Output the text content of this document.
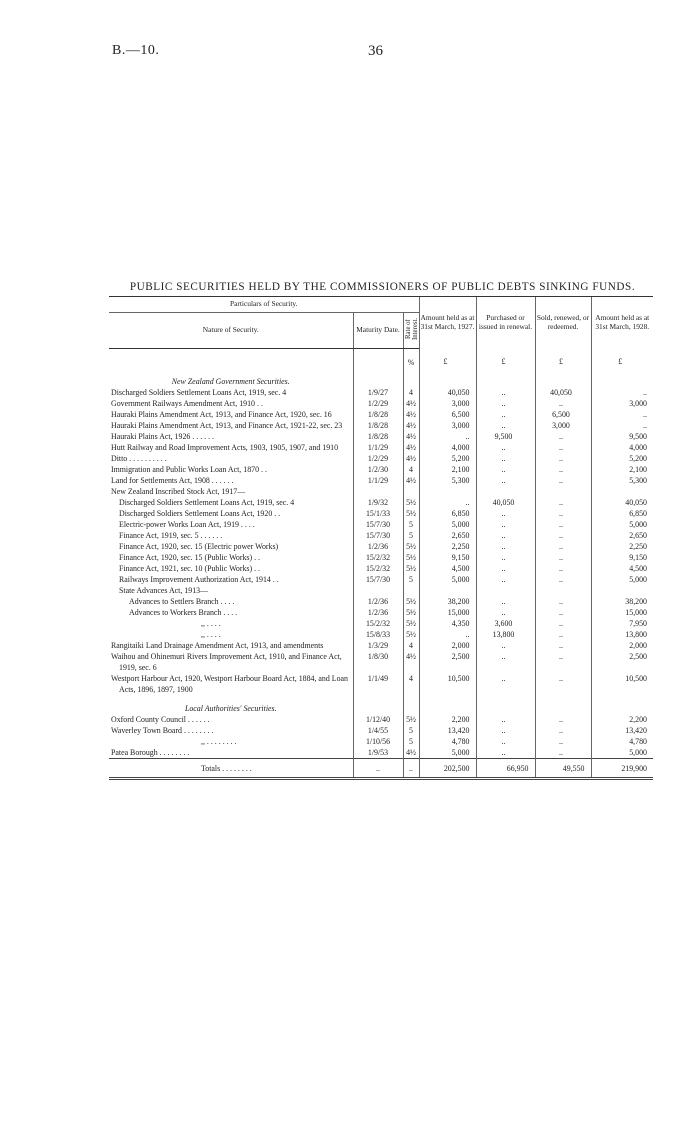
B.—10.	36
PUBLIC SECURITIES HELD BY THE COMMISSIONERS OF PUBLIC DEBTS SINKING FUNDS.
Particulars of Security.			Amount held as at 31st March, 1927.	Purchased or issued in renewal.	Sold, renewed, or redeemed.	Amount held as at 31st March, 1928.
Nature of Security.	Maturity Date.	Rate of Interest.				
		%	£	£	£	£
New Zealand Government Securities.						

Discharged Soldiers Settlement Loans Act, 1919, sec. 4	1/9/27	4	40,050	..	40,050	..

Government Railways Amendment Act, 1910 . .	1/2/29	4½	3,000	..	..	3,000

Hauraki Plains Amendment Act, 1913, and Finance Act, 1920, sec. 16	1/8/28	4½	6,500	..	6,500	..

Hauraki Plains Amendment Act, 1913, and Finance Act, 1921-22, sec. 23	1/8/28	4½	3,000	..	3,000	..

Hauraki Plains Act, 1926 . . . . . .	1/8/28	4½	..	9,500	..	9,500

Hutt Railway and Road Improvement Acts, 1903, 1905, 1907, and 1910	1/1/29	4½	4,000	..	..	4,000

Ditto . . . . . . . . . .	1/2/29	4½	5,200	..	..	5,200

Immigration and Public Works Loan Act, 1870 . .	1/2/30	4	2,100	..	..	2,100

Land for Settlements Act, 1908 . . . . . .	1/1/29	4½	5,300	..	..	5,300

New Zealand Inscribed Stock Act, 1917—						

Discharged Soldiers Settlement Loans Act, 1919, sec. 4	1/9/32	5½	..	40,050	..	40,050

Discharged Soldiers Settlement Loans Act, 1920 . .	15/1/33	5½	6,850	..	..	6,850

Electric-power Works Loan Act, 1919 . . . .	15/7/30	5	5,000	..	..	5,000

Finance Act, 1919, sec. 5 . . . . . .	15/7/30	5	2,650	..	..	2,650

Finance Act, 1920, sec. 15 (Electric power Works)	1/2/36	5½	2,250	..	..	2,250

Finance Act, 1920, sec. 15 (Public Works) . .	15/2/32	5½	9,150	..	..	9,150

Finance Act, 1921, sec. 10 (Public Works) . .	15/2/32	5½	4,500	..	..	4,500

Railways Improvement Authorization Act, 1914 . .	15/7/30	5	5,000	..	..	5,000

State Advances Act, 1913—						

Advances to Settlers Branch . . . .	1/2/36	5½	38,200	..	..	38,200

Advances to Workers Branch . . . .	1/2/36	5½	15,000	..	..	15,000

,, . . . .	15/2/32	5½	4,350	3,600	..	7,950

,, . . . .	15/8/33	5½	..	13,800	..	13,800

Rangitaiki Land Drainage Amendment Act, 1913, and amendments	1/3/29	4	2,000	..	..	2,000

Waihou and Ohinemuri Rivers Improvement Act, 1910, and Finance Act, 1919, sec. 6	1/8/30	4½	2,500	..	..	2,500

Westport Harbour Act, 1920, Westport Harbour Board Act, 1884, and Loan Acts, 1896, 1897, 1900	1/1/49	4	10,500	..	..	10,500
Local Authorities' Securities.						

Oxford County Council . . . . . .	1/12/40	5½	2,200	..	..	2,200

Waverley Town Board . . . . . . . .	1/4/55	5	13,420	..	..	13,420

,, . . . . . . . .	1/10/56	5	4,780	..	..	4,780

Patea Borough . . . . . . . .	1/9/53	4½	5,000	..	..	5,000
Totals . . . . . . . .	..	..	202,500	66,950	49,550	219,900
